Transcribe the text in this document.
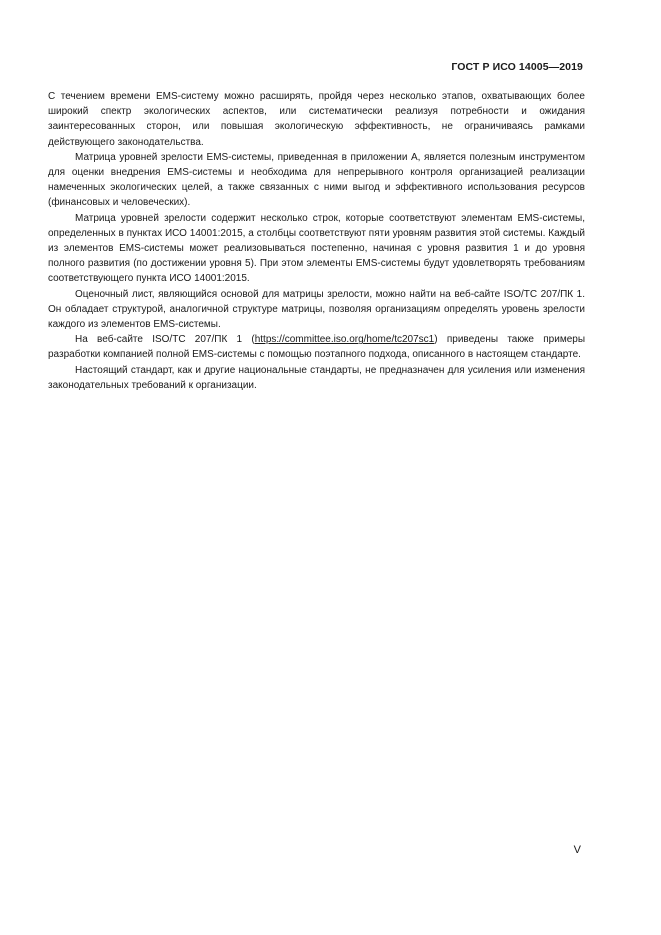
ГОСТ Р ИСО 14005—2019

С течением времени EMS-систему можно расширять, пройдя через несколько этапов, охватывающих более широкий спектр экологических аспектов, или систематически реализуя потребности и ожидания заинтересованных сторон, или повышая экологическую эффективность, не ограничиваясь рамками действующего законодательства.

Матрица уровней зрелости EMS-системы, приведенная в приложении А, является полезным инструментом для оценки внедрения EMS-системы и необходима для непрерывного контроля организацией реализации намеченных экологических целей, а также связанных с ними выгод и эффективного использования ресурсов (финансовых и человеческих).

Матрица уровней зрелости содержит несколько строк, которые соответствуют элементам EMS-системы, определенных в пунктах ИСО 14001:2015, а столбцы соответствуют пяти уровням развития этой системы. Каждый из элементов EMS-системы может реализовываться постепенно, начиная с уровня развития 1 и до уровня полного развития (по достижении уровня 5). При этом элементы EMS-системы будут удовлетворять требованиям соответствующего пункта ИСО 14001:2015.

Оценочный лист, являющийся основой для матрицы зрелости, можно найти на веб-сайте ISO/TC 207/ПК 1. Он обладает структурой, аналогичной структуре матрицы, позволяя организациям определять уровень зрелости каждого из элементов EMS-системы.

На веб-сайте ISO/TC 207/ПК 1 (https://committee.iso.org/home/tc207sc1) приведены также примеры разработки компанией полной EMS-системы с помощью поэтапного подхода, описанного в настоящем стандарте.

Настоящий стандарт, как и другие национальные стандарты, не предназначен для усиления или изменения законодательных требований к организации.

V
